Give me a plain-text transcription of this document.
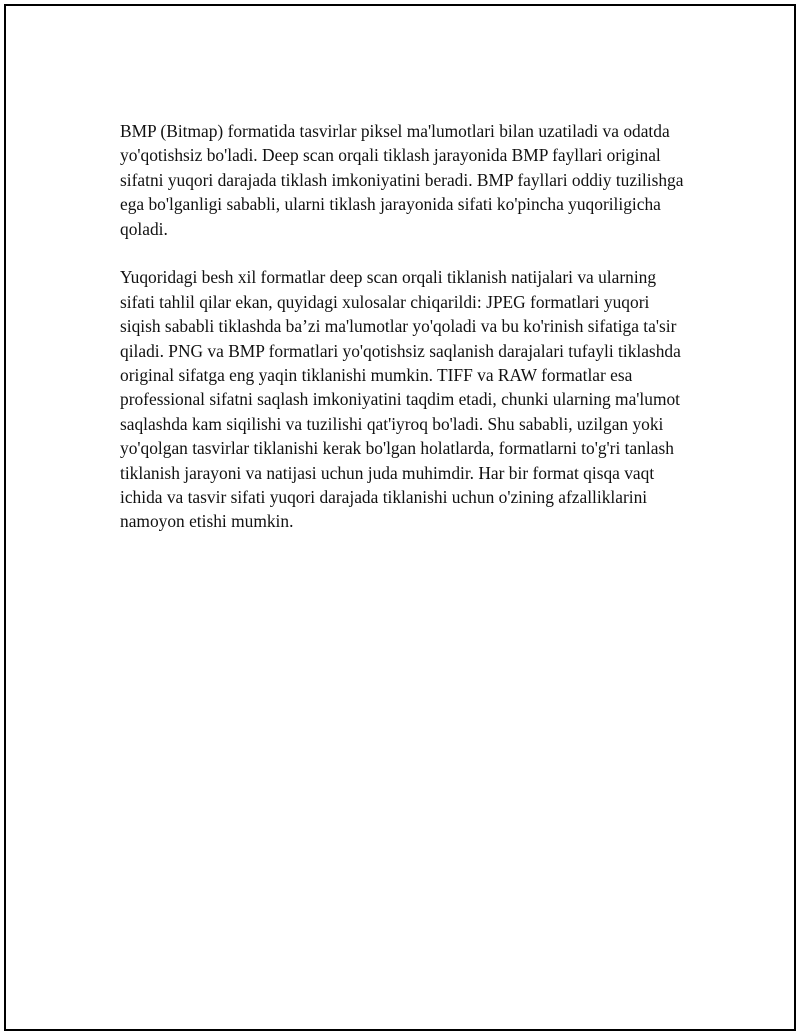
BMP (Bitmap) formatida tasvirlar piksel ma'lumotlari bilan uzatiladi va odatda yo'qotishsiz bo'ladi. Deep scan orqali tiklash jarayonida BMP fayllari original sifatni yuqori darajada tiklash imkoniyatini beradi. BMP fayllari oddiy tuzilishga ega bo'lganligi sababli, ularni tiklash jarayonida sifati ko'pincha yuqoriligicha qoladi.

Yuqoridagi besh xil formatlar deep scan orqali tiklanish natijalari va ularning sifati tahlil qilar ekan, quyidagi xulosalar chiqarildi: JPEG formatlari yuqori siqish sababli tiklashda ba’zi ma'lumotlar yo'qoladi va bu ko'rinish sifatiga ta'sir qiladi. PNG va BMP formatlari yo'qotishsiz saqlanish darajalari tufayli tiklashda original sifatga eng yaqin tiklanishi mumkin. TIFF va RAW formatlar esa professional sifatni saqlash imkoniyatini taqdim etadi, chunki ularning ma'lumot saqlashda kam siqilishi va tuzilishi qat'iyroq bo'ladi. Shu sababli, uzilgan yoki yo'qolgan tasvirlar tiklanishi kerak bo'lgan holatlarda, formatlarni to'g'ri tanlash tiklanish jarayoni va natijasi uchun juda muhimdir. Har bir format qisqa vaqt ichida va tasvir sifati yuqori darajada tiklanishi uchun o'zining afzalliklarini namoyon etishi mumkin.
